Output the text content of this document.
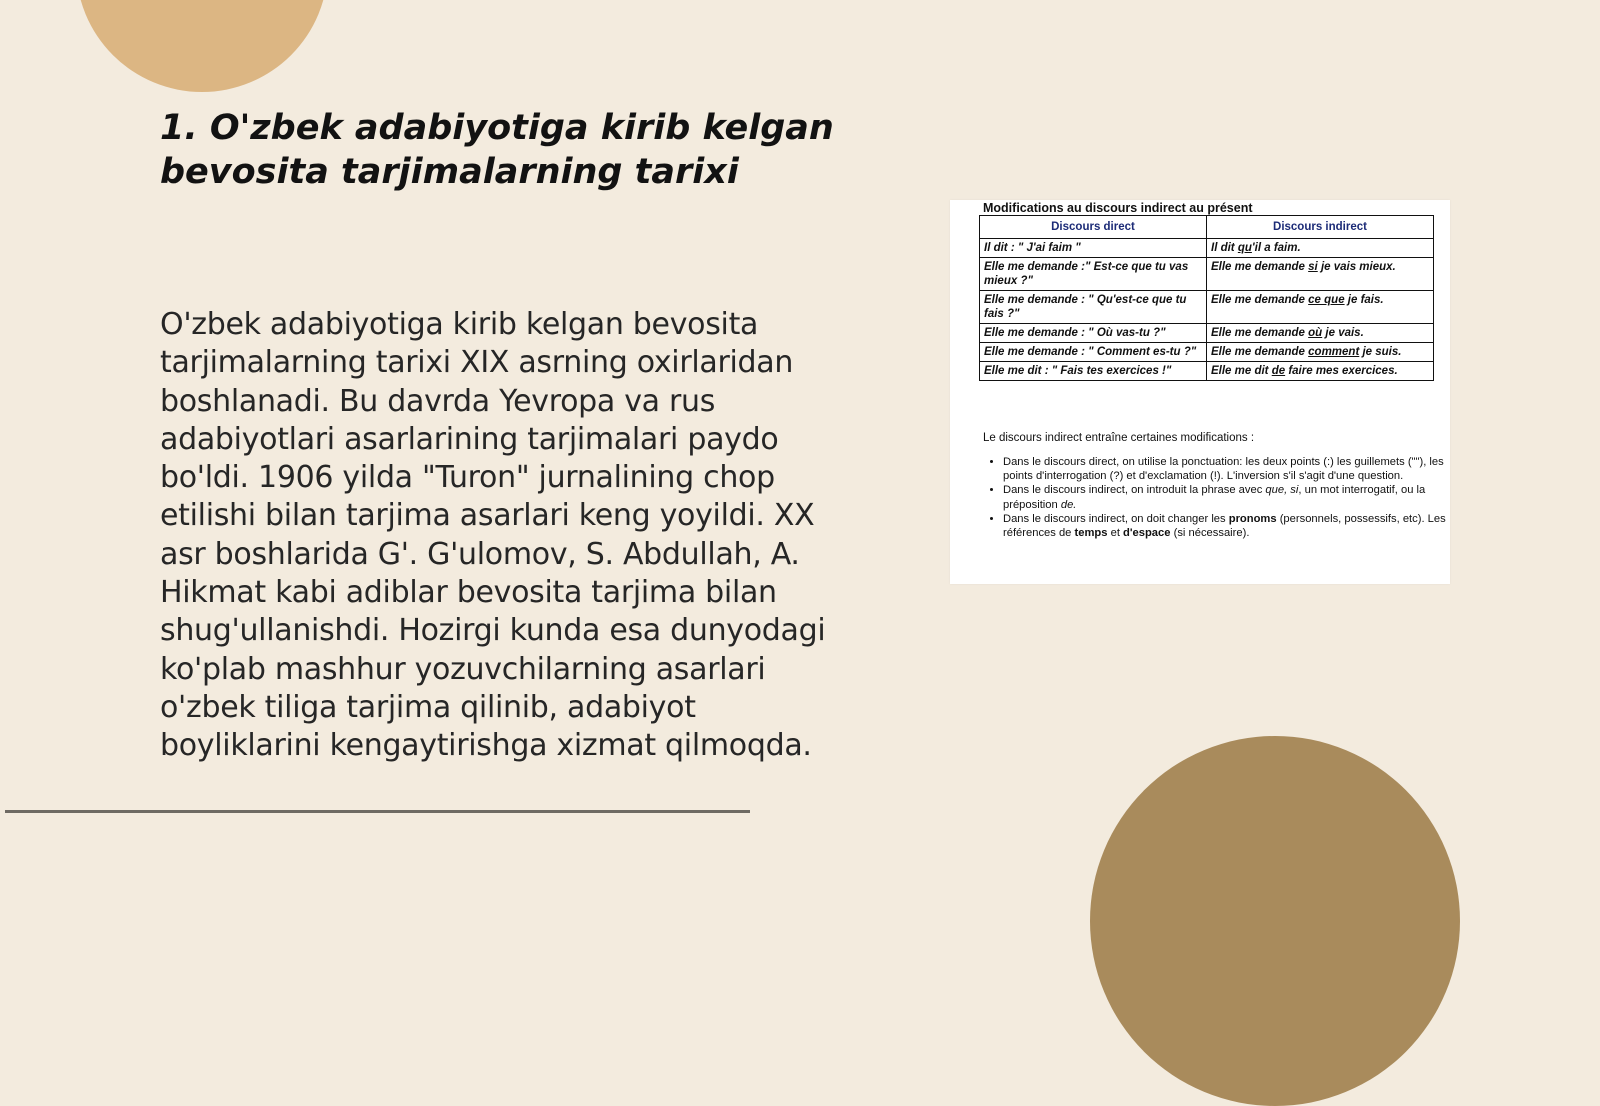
1. O'zbek adabiyotiga kirib kelgan bevosita tarjimalarning tarixi

O'zbek adabiyotiga kirib kelgan bevosita tarjimalarning tarixi XIX asrning oxirlaridan boshlanadi. Bu davrda Yevropa va rus adabiyotlari asarlarining tarjimalari paydo bo'ldi. 1906 yilda "Turon" jurnalining chop etilishi bilan tarjima asarlari keng yoyildi. XX asr boshlarida G'. G'ulomov, S. Abdullah, A. Hikmat kabi adiblar bevosita tarjima bilan shug'ullanishdi. Hozirgi kunda esa dunyodagi ko'plab mashhur yozuvchilarning asarlari o'zbek tiliga tarjima qilinib, adabiyot boyliklarini kengaytirishga xizmat qilmoqda.

Modifications au discours indirect au présent
Discours direct	Discours indirect
Il dit : " J'ai faim "	Il dit qu'il a faim.
Elle me demande :" Est-ce que tu vas mieux ?"	Elle me demande si je vais mieux.
Elle me demande : " Qu'est-ce que tu fais ?"	Elle me demande ce que je fais.
Elle me demande : " Où vas-tu ?"	Elle me demande où je vais.
Elle me demande : " Comment es-tu ?"	Elle me demande comment je suis.
Elle me dit : " Fais tes exercices !"	Elle me dit de faire mes exercices.
Le discours indirect entraîne certaines modifications :
• Dans le discours direct, on utilise la ponctuation: les deux points (:) les guillemets (""), les points d'interrogation (?) et d'exclamation (!). L'inversion s'il s'agit d'une question.
• Dans le discours indirect, on introduit la phrase avec que, si, un mot interrogatif, ou la préposition de.
• Dans le discours indirect, on doit changer les pronoms (personnels, possessifs, etc). Les références de temps et d'espace (si nécessaire).
